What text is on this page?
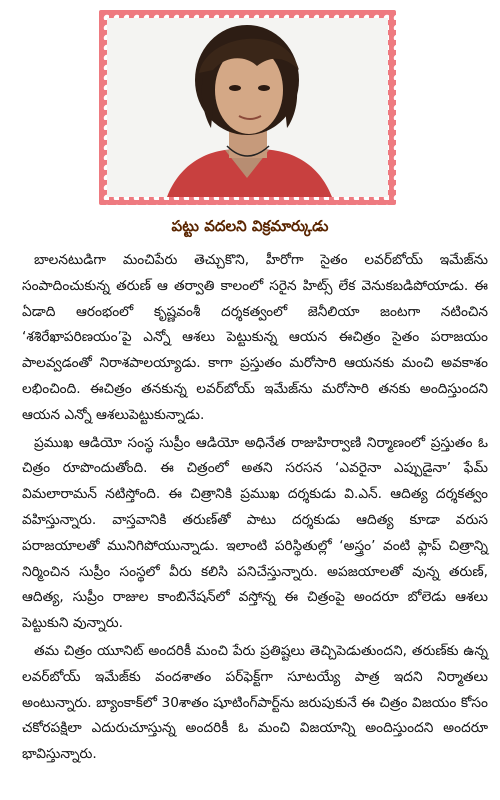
పట్టు వదలని విక్రమార్కుడు

బాలనటుడిగా మంచిపేరు తెచ్చుకొని, హీరోగా సైతం లవర్‌బోయ్‌ ఇమేజ్‌ను సంపాదించుకున్న తరుణ్‌ ఆ తర్వాతి కాలంలో సరైన హిట్స్‌ లేక వెనుకబడిపోయాడు. ఈ ఏడాది ఆరంభంలో కృష్ణవంశీ దర్శకత్వంలో జెనీలియా జంటగా నటించిన ‘శశిరేఖాపరిణయం’పై ఎన్నో ఆశలు పెట్టుకున్న ఆయన ఈచిత్రం సైతం పరాజయం పాలవ్వడంతో నిరాశపాలయ్యాడు. కాగా ప్రస్తుతం మరోసారి ఆయనకు మంచి అవకాశం లభించింది. ఈచిత్రం తనకున్న లవర్‌బోయ్‌ ఇమేజ్‌ను మరోసారి తనకు అందిస్తుందని ఆయన ఎన్నో ఆశలుపెట్టుకున్నాడు.

ప్రముఖ ఆడియో సంస్థ సుప్రీం ఆడియో అధినేత రాజుహిర్వాణి నిర్మాణంలో ప్రస్తుతం ఓ చిత్రం రూపొందుతోంది. ఈ చిత్రంలో అతని సరసన ‘ఎవరైనా ఎప్పుడైనా’ ఫేమ్‌ విమలారామన్‌ నటిస్తోంది. ఈ చిత్రానికి ప్రముఖ దర్శకుడు వి.ఎన్‌. ఆదిత్య దర్శకత్వం వహిస్తున్నారు. వాస్తవానికి తరుణ్‌తో పాటు దర్శకుడు ఆదిత్య కూడా వరుస పరాజయాలతో మునిగిపోయున్నాడు. ఇలాంటి పరిస్థితుల్లో ‘అస్త్రం’ వంటి ఫ్లాప్‌ చిత్రాన్ని నిర్మించిన సుప్రీం సంస్థలో వీరు కలిసి పనిచేస్తున్నారు. అపజయాలతో వున్న తరుణ్‌, ఆదిత్య, సుప్రీం రాజుల కాంబినేషన్‌లో వస్తోన్న ఈ చిత్రంపై అందరూ బోలెడు ఆశలు పెట్టుకుని వున్నారు.

తమ చిత్రం యూనిట్‌ అందరికీ మంచి పేరు ప్రతిష్టలు తెచ్చిపెడుతుందని, తరుణ్‌కు ఉన్న లవర్‌బోయ్‌ ఇమేజ్‌కు వందశాతం పర్‌ఫెక్ట్‌గా సూటయ్యే పాత్ర ఇదని నిర్మాతలు అంటున్నారు. బ్యాంకాక్‌లో 30శాతం షూటింగ్‌పార్ట్‌ను జరుపుకునే ఈ చిత్రం విజయం కోసం చకోరపక్షిలా ఎదురుచూస్తున్న అందరికీ ఓ మంచి విజయాన్ని అందిస్తుందని అందరూ భావిస్తున్నారు.
